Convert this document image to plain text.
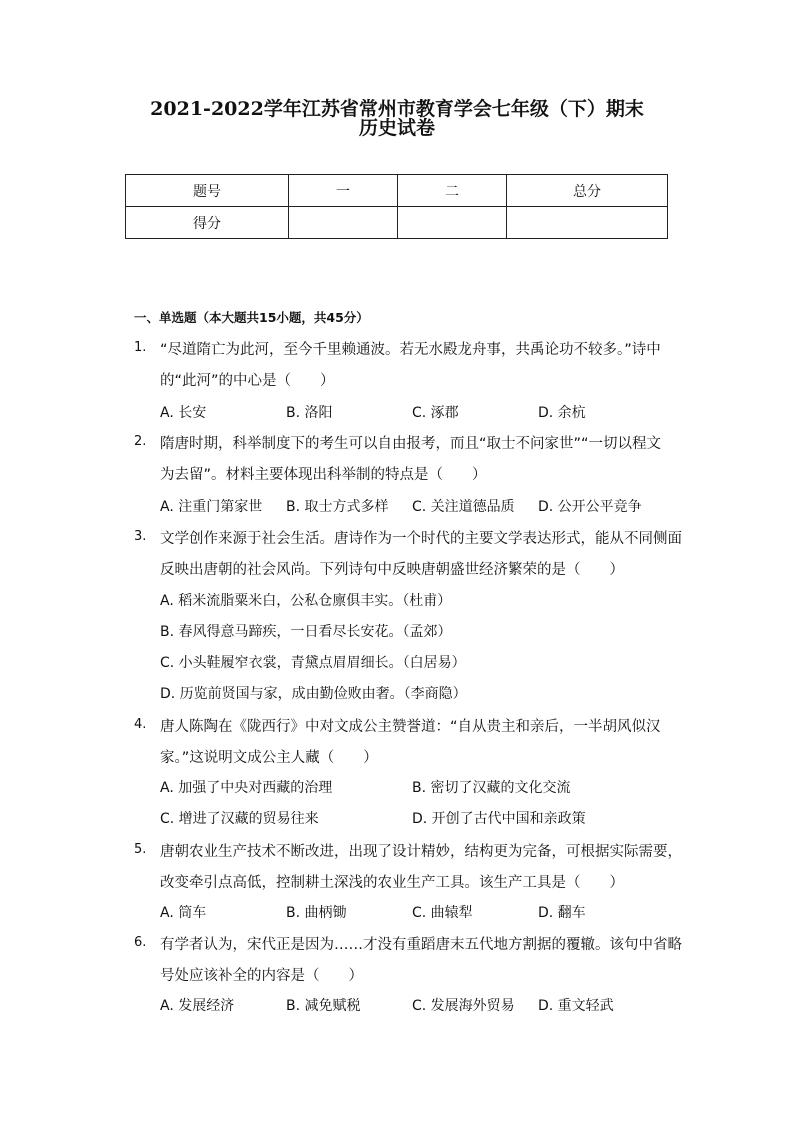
2021-2022学年江苏省常州市教育学会七年级（下）期末
历史试卷
题号	一	二	总分
得分			
一、单选题（本大题共15小题，共45分）
1. “尽道隋亡为此河，至今千里赖通波。若无水殿龙舟事，共禹论功不较多。”诗中
的“此河”的中心是（　　）
A. 长安	B. 洛阳	C. 涿郡	D. 余杭
2. 隋唐时期，科举制度下的考生可以自由报考，而且“取士不问家世”“一切以程文
为去留”。材料主要体现出科举制的特点是（　　）
A. 注重门第家世 B. 取士方式多样 C. 关注道德品质 D. 公开公平竞争
3. 文学创作来源于社会生活。唐诗作为一个时代的主要文学表达形式，能从不同侧面
反映出唐朝的社会风尚。下列诗句中反映唐朝盛世经济繁荣的是（　　）
A. 稻米流脂粟米白，公私仓廪俱丰实。（杜甫）
B. 春风得意马蹄疾，一日看尽长安花。（孟郊）
C. 小头鞋履窄衣裳，青黛点眉眉细长。（白居易）
D. 历览前贤国与家，成由勤俭败由奢。（李商隐）
4. 唐人陈陶在《陇西行》中对文成公主赞誉道：“自从贵主和亲后，一半胡风似汉
家。”这说明文成公主人藏（　　）
A. 加强了中央对西藏的治理	B. 密切了汉藏的文化交流
C. 增进了汉藏的贸易往来	D. 开创了古代中国和亲政策
5. 唐朝农业生产技术不断改进，出现了设计精妙，结构更为完备，可根据实际需要，
改变牵引点高低，控制耕土深浅的农业生产工具。该生产工具是（　　）
A. 筒车	B. 曲柄锄	C. 曲辕犁	D. 翻车
6. 有学者认为，宋代正是因为……才没有重蹈唐末五代地方割据的覆辙。该句中省略
号处应该补全的内容是（　　）
A. 发展经济	B. 减免赋税	C. 发展海外贸易 D. 重文轻武
